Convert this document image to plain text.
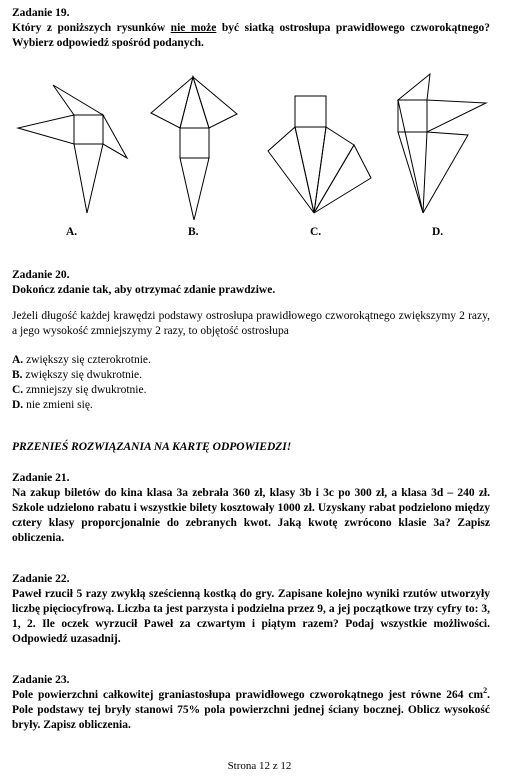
Zadanie 19.
Który z poniższych rysunków nie może być siatką ostrosłupa prawidłowego czworokątnego? Wybierz odpowiedź spośród podanych.
A.	B.	C.	D.
Zadanie 20.
Dokończ zdanie tak, aby otrzymać zdanie prawdziwe.
Jeżeli długość każdej krawędzi podstawy ostrosłupa prawidłowego czworokątnego zwiększymy 2 razy, a jego wysokość zmniejszymy 2 razy, to objętość ostrosłupa
A. zwiększy się czterokrotnie.
B. zwiększy się dwukrotnie.
C. zmniejszy się dwukrotnie.
D. nie zmieni się.
PRZENIEŚ ROZWIĄZANIA NA KARTĘ ODPOWIEDZI!
Zadanie 21.
Na zakup biletów do kina klasa 3a zebrała 360 zł, klasy 3b i 3c po 300 zł, a klasa 3d – 240 zł. Szkole udzielono rabatu i wszystkie bilety kosztowały 1000 zł. Uzyskany rabat podzielono między cztery klasy proporcjonalnie do zebranych kwot. Jaką kwotę zwrócono klasie 3a? Zapisz obliczenia.
Zadanie 22.
Paweł rzucił 5 razy zwykłą sześcienną kostką do gry. Zapisane kolejno wyniki rzutów utworzyły liczbę pięciocyfrową. Liczba ta jest parzysta i podzielna przez 9, a jej początkowe trzy cyfry to: 3, 1, 2. Ile oczek wyrzucił Paweł za czwartym i piątym razem? Podaj wszystkie możliwości. Odpowiedź uzasadnij.
Zadanie 23.
Pole powierzchni całkowitej graniastosłupa prawidłowego czworokątnego jest równe 264 $cm^2$. Pole podstawy tej bryły stanowi 75% pola powierzchni jednej ściany bocznej. Oblicz wysokość bryły. Zapisz obliczenia.
Strona 12 z 12
